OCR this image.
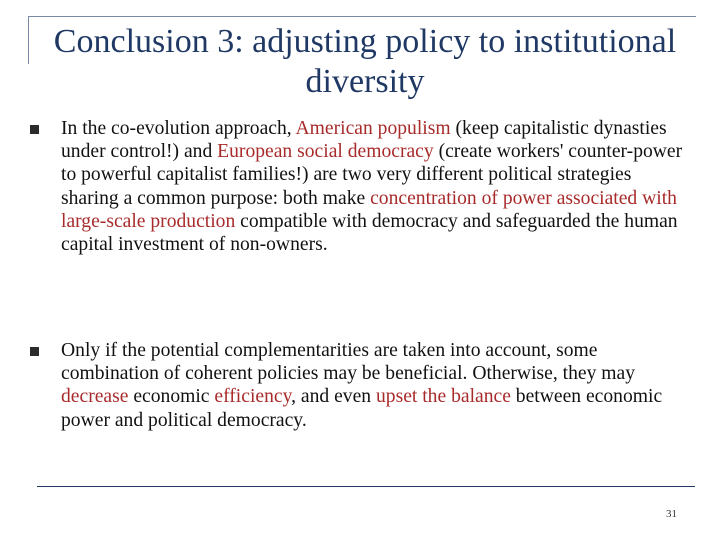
Conclusion 3: adjusting policy to institutional
diversity
In the co-evolution approach, American populism (keep capitalistic dynasties under control!) and European social democracy (create workers' counter-power to powerful capitalist families!) are two very different political strategies sharing a common purpose: both make concentration of power associated with large-scale production compatible with democracy and safeguarded the human capital investment of non-owners.
Only if the potential complementarities are taken into account, some combination of coherent policies may be beneficial. Otherwise, they may decrease economic efficiency, and even upset the balance between economic power and political democracy.
31
